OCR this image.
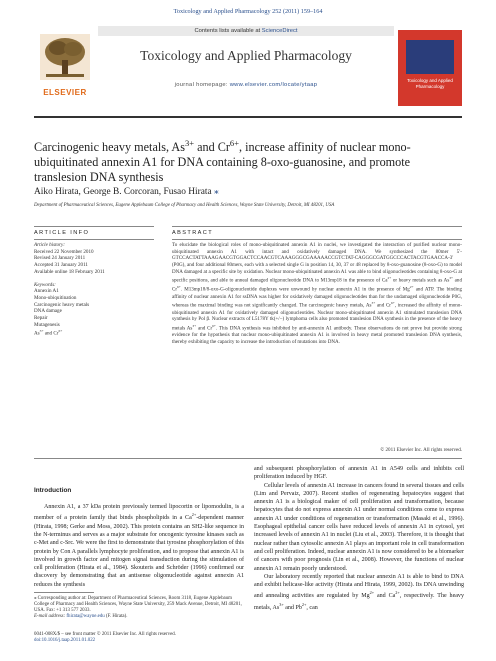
Toxicology and Applied Pharmacology 252 (2011) 159–164
ELSEVIER
Contents lists available at ScienceDirect
Toxicology and Applied Pharmacology
journal homepage: www.elsevier.com/locate/ytaap
Toxicology and Applied Pharmacology
Carcinogenic heavy metals, $As^{3+}$ and $Cr^{6+}$, increase affinity of nuclear mono-ubiquitinated annexin A1 for DNA containing 8-oxo-guanosine, and promote translesion DNA synthesis
Aiko Hirata, George B. Corcoran, Fusao Hirata ⁎
Department of Pharmaceutical Sciences, Eugene Applebaum College of Pharmacy and Health Sciences, Wayne State University, Detroit, MI 48201, USA
ARTICLE INFO	ABSTRACT
Article history:
Received 22 November 2010
Revised 24 January 2011
Accepted 31 January 2011
Available online 18 February 2011
Keywords:
Annexin A1
Mono-ubiquitination
Carcinogenic heavy metals
DNA damage
Repair
Mutagenesis
$As^{3+}$ and $Cr^{6+}$
To elucidate the biological roles of mono-ubiquitinated annexin A1 in nuclei, we investigated the interaction of purified nuclear mono-ubiquitinated annexin A1 with intact and oxidatively damaged DNA. We synthesized the 80mer 5′-GTCCACTATTAAAGAACGTGGACTCCAACGTCAAAGGGCGAAAAACCGTCTAT-CAGGGCGATGGCCCACTACGTGAACCA-3′ (P0G), and four additional 80mers, each with a selected single G in position 14, 30, 37 or 48 replaced by 8-oxo-guanosine (8-oxo-G) to model DNA damaged at a specific site by oxidation. Nuclear mono-ubiquitinated annexin A1 was able to bind oligonucleotides containing 8-oxo-G at specific positions, and able to anneal damaged oligonucleotide DNA to M13mp18 in the presence of $Ca^{2+}$ or heavy metals such as $As^{3+}$ and $Cr^{6+}$. M13mp18/8-oxo-G-oligonucleotide duplexes were unwound by nuclear annexin A1 in the presence of $Mg^{2+}$ and ATP. The binding affinity of nuclear annexin A1 for ssDNA was higher for oxidatively damaged oligonucleotides than for the undamaged oligonucleotide P0G, whereas the maximal binding was not significantly changed. The carcinogenic heavy metals, $As^{3+}$ and $Cr^{6+}$, increased the affinity of mono-ubiquitinated annexin A1 for oxidatively damaged oligonucleotides. Nuclear mono-ubiquitinated annexin A1 stimulated translesion DNA synthesis by Pol β. Nuclear extracts of L5178Y tk(+/−) lymphoma cells also promoted translesion DNA synthesis in the presence of the heavy metals $As^{3+}$ and $Cr^{6+}$. This DNA synthesis was inhibited by anti-annexin A1 antibody. These observations do not prove but provide strong evidence for the hypothesis that nuclear mono-ubiquitinated annexin A1 is involved in heavy metal promoted translesion DNA synthesis, thereby exhibiting the capacity to increase the introduction of mutations into DNA.
© 2011 Elsevier Inc. All rights reserved.
Introduction

Annexin A1, a 37 kDa protein previously termed lipocortin or lipomodulin, is a member of a protein family that binds phospholipids in a $Ca^{2+}$-dependent manner (Hirata, 1998; Gerke and Moss, 2002). This protein contains an SH2-like sequence in the N-terminus and serves as a major substrate for oncogenic tyrosine kinases such as c-Met and c-Src. We were the first to demonstrate that tyrosine phosphorylation of this protein by Con A parallels lymphocyte proliferation, and to propose that annexin A1 is involved in growth factor and mitogen signal transduction during the stimulation of cell proliferation (Hirata et al., 1984). Skouteris and Schröder (1996) confirmed our discovery by demonstrating that an antisense oligonucleotide against annexin A1 reduces the synthesis

and subsequent phosphorylation of annexin A1 in A549 cells and inhibits cell proliferation induced by HGF.

Cellular levels of annexin A1 increase in cancers found in several tissues and cells (Lim and Pervaiz, 2007). Recent studies of regenerating hepatocytes suggest that annexin A1 is a biological maker of cell proliferation and transformation, because hepatocytes that do not express annexin A1 under normal conditions come to express annexin A1 under conditions of regeneration or transformation (Masaki et al., 1996). Esophageal epithelial cancer cells have reduced levels of annexin A1 in cytosol, yet increased levels of annexin A1 in nuclei (Liu et al., 2003). Therefore, it is thought that nuclear rather than cytosolic annexin A1 plays an important role in cell transformation and cell proliferation. Indeed, nuclear annexin A1 is now considered to be a biomarker of cancers with poor prognosis (Lin et al., 2008). However, the functions of nuclear annexin A1 remain poorly understood.

Our laboratory recently reported that nuclear annexin A1 is able to bind to DNA and exhibit helicase-like activity (Hirata and Hirata, 1999, 2002). Its DNA unwinding and annealing activities are regulated by $Mg^{2+}$ and $Ca^{2+}$, respectively. The heavy metals, $As^{3+}$ and $Pb^{2+}$, can

⁎ Corresponding author at: Department of Pharmaceutical Sciences, Room 3118, Eugene Applebaum College of Pharmacy and Health Sciences, Wayne State University, 259 Mack Avenue, Detroit, MI 48201, USA. Fax: +1 313 577 2033.
E-mail address: fhirata@wayne.edu (F. Hirata).
0041-008X/$ – see front matter © 2011 Elsevier Inc. All rights reserved.
doi:10.1016/j.taap.2011.01.022
